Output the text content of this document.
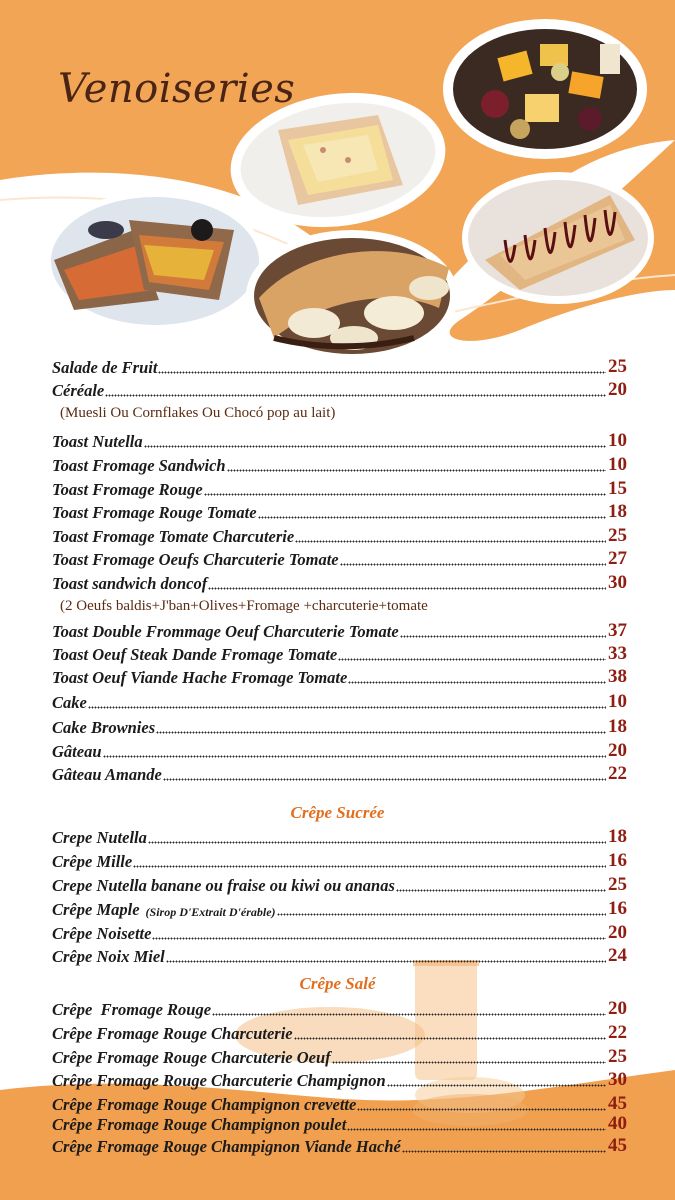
Venoiseries
Salade de Fruit	25
Céréale	20
(Muesli Ou Cornflakes Ou Chocó pop au lait)
Toast Nutella	10
Toast Fromage Sandwich	10
Toast Fromage Rouge	15
Toast Fromage Rouge Tomate	18
Toast Fromage Tomate Charcuterie	25
Toast Fromage Oeufs Charcuterie Tomate	27
Toast sandwich doncof	30
(2 Oeufs baldis+J'ban+Olives+Fromage +charcuterie+tomate
Toast Double Frommage Oeuf Charcuterie Tomate	37
Toast Oeuf Steak Dande Fromage Tomate	33
Toast Oeuf Viande Hache Fromage Tomate	38
Cake	10
Cake Brownies	18
Gâteau	20
Gâteau Amande	22
Crêpe Sucrée
Crepe Nutella	18
Crêpe Mille	16
Crepe Nutella banane ou fraise ou kiwi ou ananas	25
Crêpe Maple (Sirop D'Extrait D'érable)	16
Crêpe Noisette	20
Crêpe Noix Miel	24
Crêpe Salé
Crêpe  Fromage Rouge	20
Crêpe Fromage Rouge Charcuterie	22
Crêpe Fromage Rouge Charcuterie Oeuf	25
Crêpe Fromage Rouge Charcuterie Champignon	30
Crêpe Fromage Rouge Champignon crevette	45
Crêpe Fromage Rouge Champignon poulet	40
Crêpe Fromage Rouge Champignon Viande Haché	45
